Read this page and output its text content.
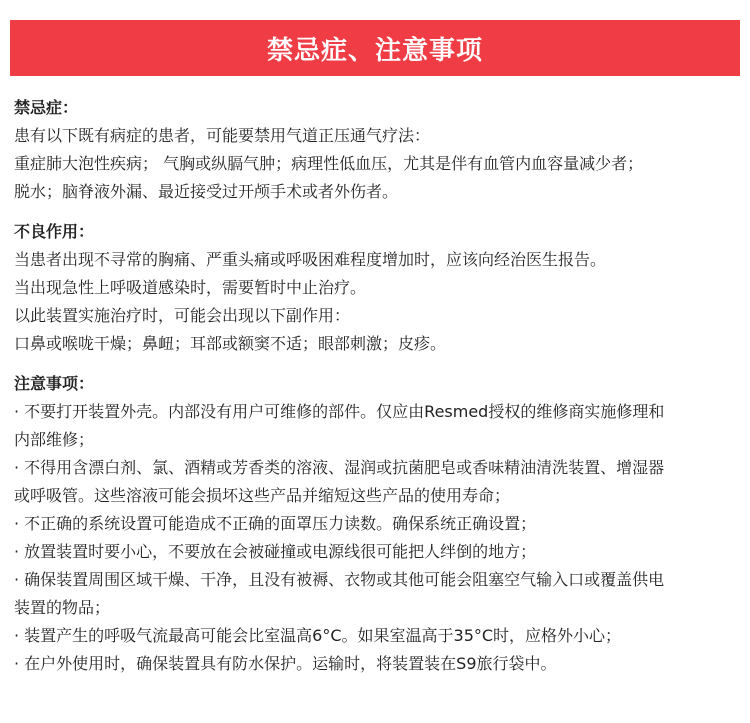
禁忌症、注意事项

禁忌症：

患有以下既有病症的患者，可能要禁用气道正压通气疗法：

重症肺大泡性疾病； 气胸或纵膈气肿；病理性低血压，尤其是伴有血管内血容量减少者；

脱水；脑脊液外漏、最近接受过开颅手术或者外伤者。

不良作用：

当患者出现不寻常的胸痛、严重头痛或呼吸困难程度增加时，应该向经治医生报告。

当出现急性上呼吸道感染时，需要暂时中止治疗。

以此装置实施治疗时，可能会出现以下副作用：

口鼻或喉咙干燥；鼻衄；耳部或额窦不适；眼部刺激；皮疹。

注意事项：

· 不要打开装置外壳。内部没有用户可维修的部件。仅应由Resmed授权的维修商实施修理和

内部维修；

· 不得用含漂白剂、氯、酒精或芳香类的溶液、湿润或抗菌肥皂或香味精油清洗装置、增湿器

或呼吸管。这些溶液可能会损坏这些产品并缩短这些产品的使用寿命；

· 不正确的系统设置可能造成不正确的面罩压力读数。确保系统正确设置；

· 放置装置时要小心，不要放在会被碰撞或电源线很可能把人绊倒的地方；

· 确保装置周围区域干燥、干净，且没有被褥、衣物或其他可能会阻塞空气输入口或覆盖供电

装置的物品；

· 装置产生的呼吸气流最高可能会比室温高6°C。如果室温高于35°C时，应格外小心；

· 在户外使用时，确保装置具有防水保护。运输时，将装置装在S9旅行袋中。
